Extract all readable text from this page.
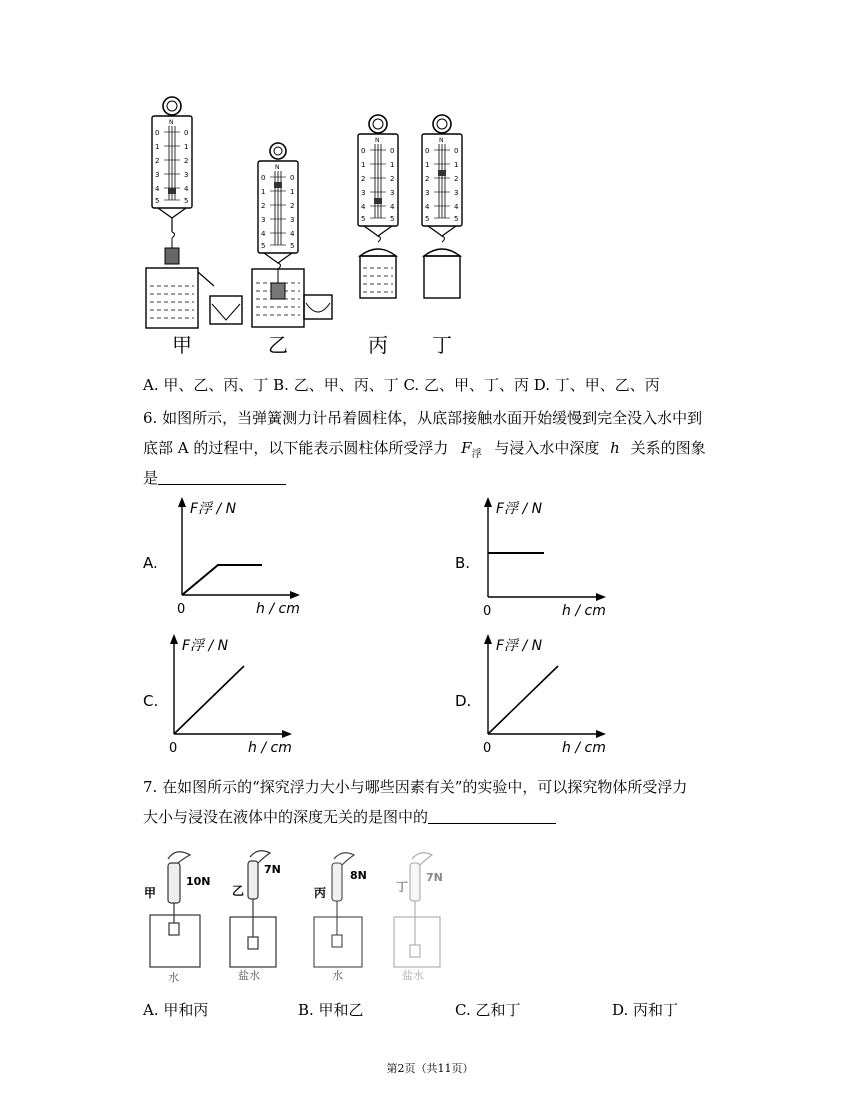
0	0
1
2
3
4
5
N
甲	乙	丙 丁
A. 甲、乙、丙、丁 B. 乙、甲、丙、丁 C. 乙、甲、丁、丙 D. 丁、甲、乙、丙
6. 如图所示，当弹簧测力计吊着圆柱体，从底部接触水面开始缓慢到完全没入水中到
底部 A 的过程中，以下能表示圆柱体所受浮力 $F_浮$ 与浸入水中深度 h 关系的图象
是
A.
F浮 / N
h / cm
0
B.
F浮 / N
h / cm
0
C.
F浮 / N
h / cm
0
D.
F浮 / N
h / cm
0
7. 在如图所示的“探究浮力大小与哪些因素有关”的实验中，可以探究物体所受浮力
大小与浸没在液体中的深度无关的是图中的
甲
10N
水
乙
7N
盐水
丙
8N
水
丁
7N
盐水
A. 甲和丙	B. 甲和乙	C. 乙和丁	D. 丙和丁
第2页（共11页）
